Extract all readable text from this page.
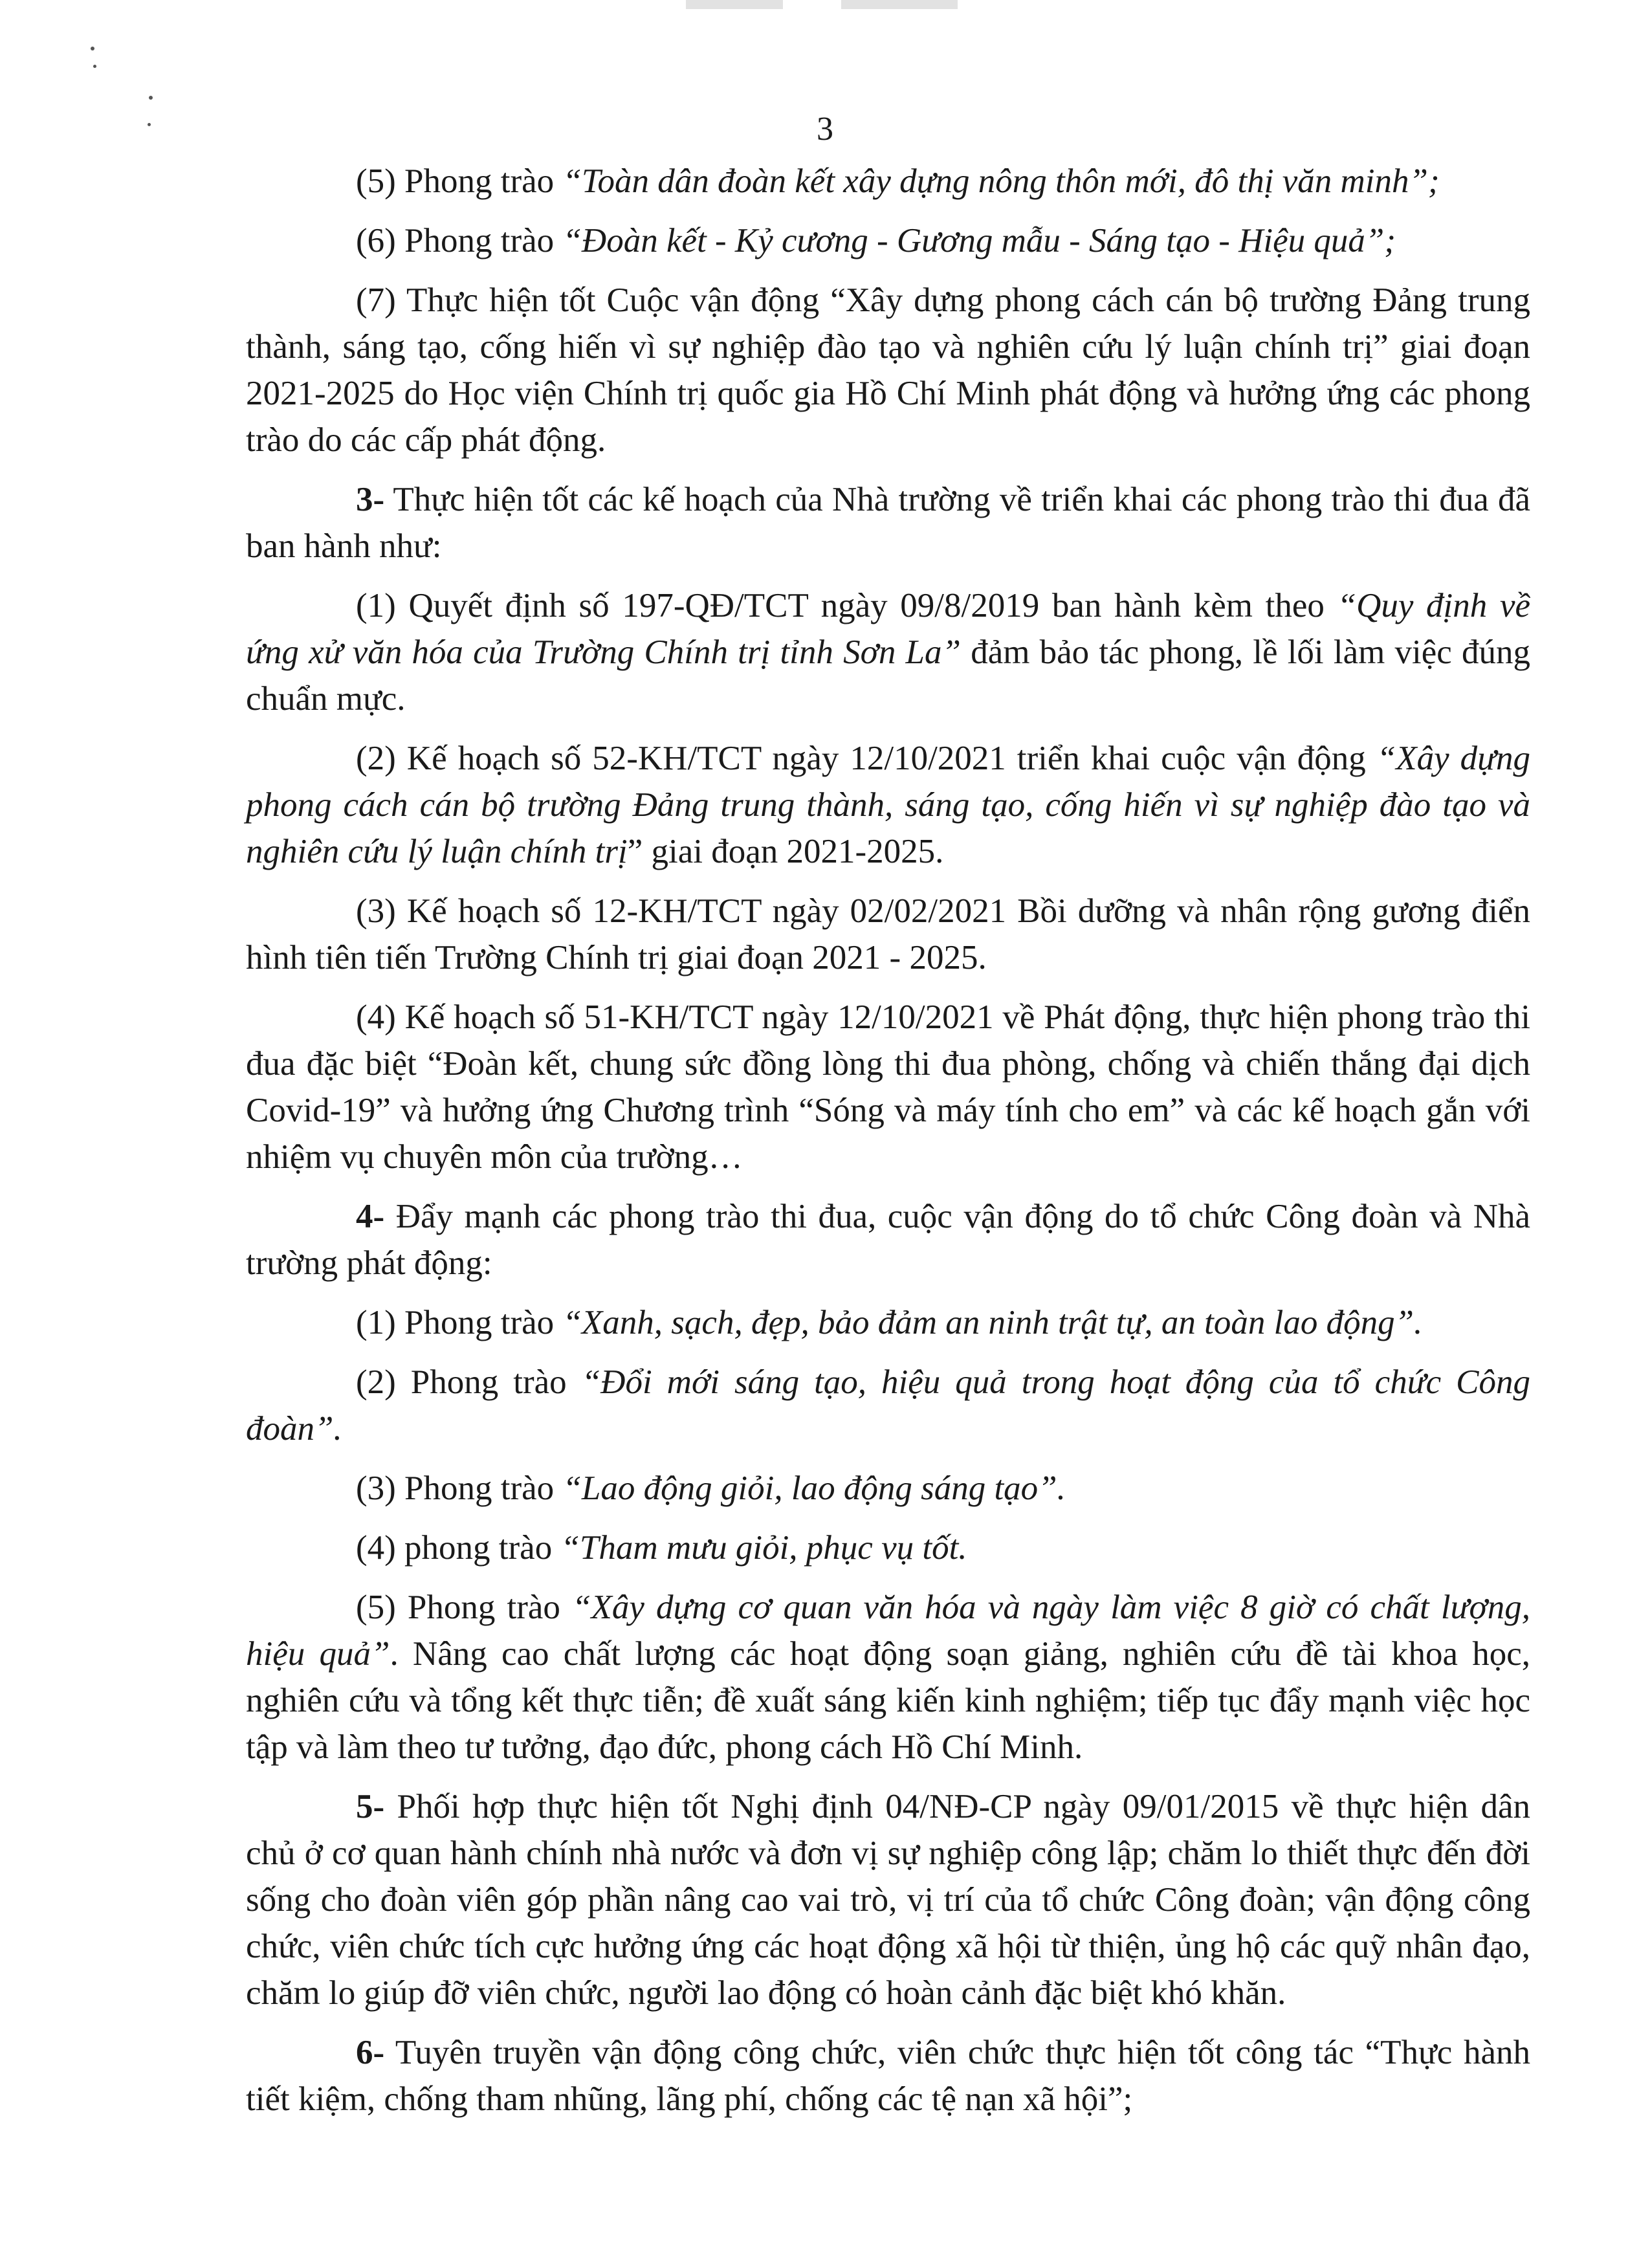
3

(5) Phong trào “Toàn dân đoàn kết xây dựng nông thôn mới, đô thị văn minh”;

(6) Phong trào “Đoàn kết - Kỷ cương - Gương mẫu - Sáng tạo - Hiệu quả”;

(7) Thực hiện tốt Cuộc vận động “Xây dựng phong cách cán bộ trường Đảng trung thành, sáng tạo, cống hiến vì sự nghiệp đào tạo và nghiên cứu lý luận chính trị” giai đoạn 2021-2025 do Học viện Chính trị quốc gia Hồ Chí Minh phát động và hưởng ứng các phong trào do các cấp phát động.

3- Thực hiện tốt các kế hoạch của Nhà trường về triển khai các phong trào thi đua đã ban hành như:

(1) Quyết định số 197-QĐ/TCT ngày 09/8/2019 ban hành kèm theo “Quy định về ứng xử văn hóa của Trường Chính trị tỉnh Sơn La” đảm bảo tác phong, lề lối làm việc đúng chuẩn mực.

(2) Kế hoạch số 52-KH/TCT ngày 12/10/2021 triển khai cuộc vận động “Xây dựng phong cách cán bộ trường Đảng trung thành, sáng tạo, cống hiến vì sự nghiệp đào tạo và nghiên cứu lý luận chính trị” giai đoạn 2021-2025.

(3) Kế hoạch số 12-KH/TCT ngày 02/02/2021 Bồi dưỡng và nhân rộng gương điển hình tiên tiến Trường Chính trị giai đoạn 2021 - 2025.

(4) Kế hoạch số 51-KH/TCT ngày 12/10/2021 về Phát động, thực hiện phong trào thi đua đặc biệt “Đoàn kết, chung sức đồng lòng thi đua phòng, chống và chiến thắng đại dịch Covid-19” và hưởng ứng Chương trình “Sóng và máy tính cho em” và các kế hoạch gắn với nhiệm vụ chuyên môn của trường…

4- Đẩy mạnh các phong trào thi đua, cuộc vận động do tổ chức Công đoàn và Nhà trường phát động:

(1) Phong trào “Xanh, sạch, đẹp, bảo đảm an ninh trật tự, an toàn lao động”.

(2) Phong trào “Đổi mới sáng tạo, hiệu quả trong hoạt động của tổ chức Công đoàn”.

(3) Phong trào “Lao động giỏi, lao động sáng tạo”.

(4) phong trào “Tham mưu giỏi, phục vụ tốt.

(5) Phong trào “Xây dựng cơ quan văn hóa và ngày làm việc 8 giờ có chất lượng, hiệu quả”. Nâng cao chất lượng các hoạt động soạn giảng, nghiên cứu đề tài khoa học, nghiên cứu và tổng kết thực tiễn; đề xuất sáng kiến kinh nghiệm; tiếp tục đẩy mạnh việc học tập và làm theo tư tưởng, đạo đức, phong cách Hồ Chí Minh.

5- Phối hợp thực hiện tốt Nghị định 04/NĐ-CP ngày 09/01/2015 về thực hiện dân chủ ở cơ quan hành chính nhà nước và đơn vị sự nghiệp công lập; chăm lo thiết thực đến đời sống cho đoàn viên góp phần nâng cao vai trò, vị trí của tổ chức Công đoàn; vận động công chức, viên chức tích cực hưởng ứng các hoạt động xã hội từ thiện, ủng hộ các quỹ nhân đạo, chăm lo giúp đỡ viên chức, người lao động có hoàn cảnh đặc biệt khó khăn.

6- Tuyên truyền vận động công chức, viên chức thực hiện tốt công tác “Thực hành tiết kiệm, chống tham nhũng, lãng phí, chống các tệ nạn xã hội”;
